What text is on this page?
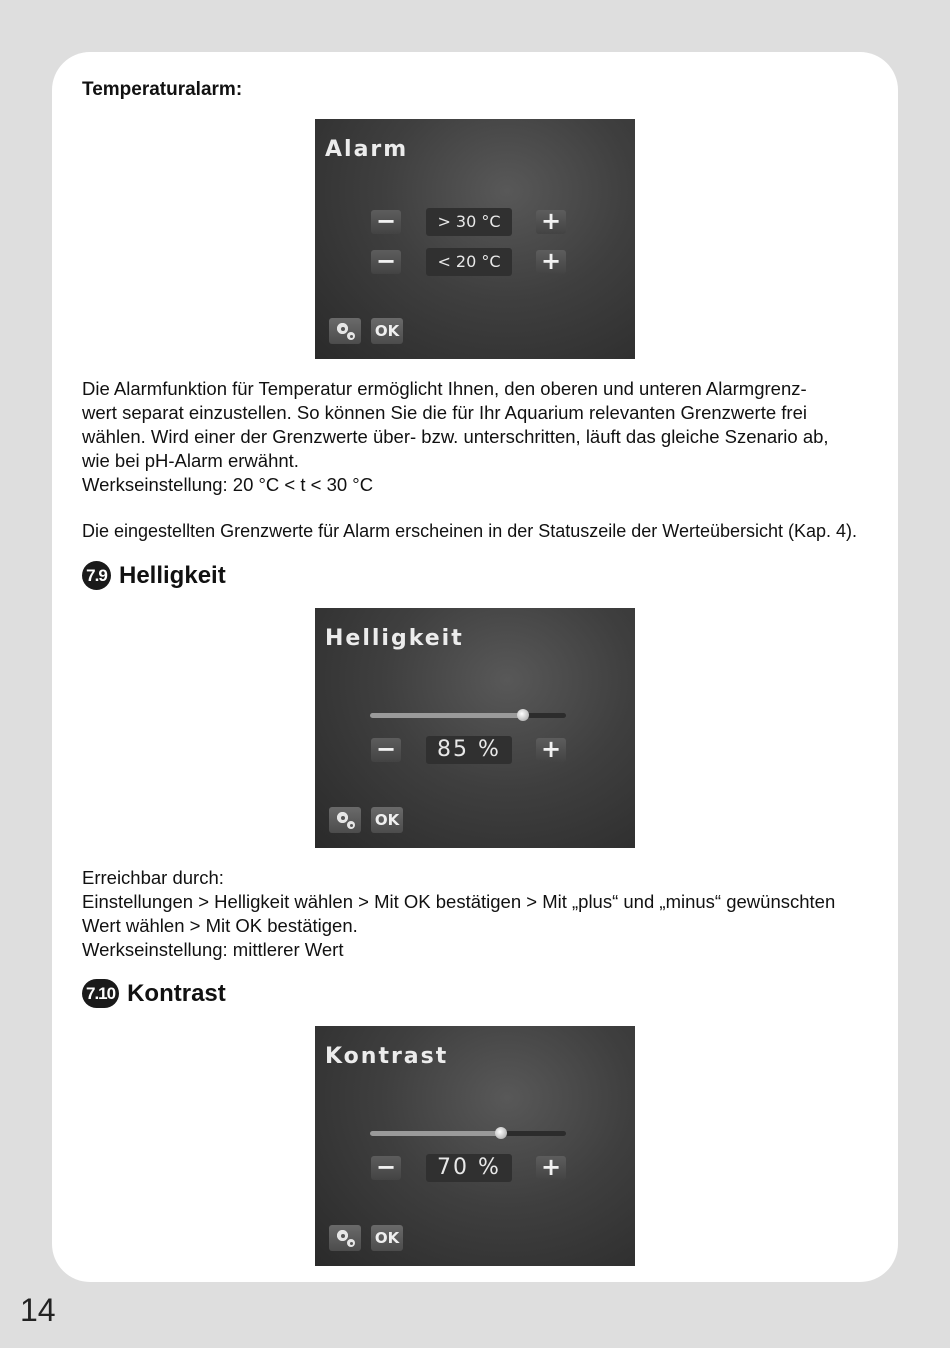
Temperaturalarm:
Alarm
−	> 30 °C	+
−	< 20 °C	+
OK
Die Alarmfunktion für Temperatur ermöglicht Ihnen, den oberen und unteren Alarmgrenz-
wert separat einzustellen. So können Sie die für Ihr Aquarium relevanten Grenzwerte frei
wählen. Wird einer der Grenzwerte über- bzw. unterschritten, läuft das gleiche Szenario ab,
wie bei pH-Alarm erwähnt.
Werkseinstellung: 20 °C < t < 30 °C
Die eingestellten Grenzwerte für Alarm erscheinen in der Statuszeile der Werteübersicht (Kap. 4).
7.9 Helligkeit
Helligkeit
−	85 %	+
OK
Erreichbar durch:
Einstellungen > Helligkeit wählen > Mit OK bestätigen > Mit „plus“ und „minus“ gewünschten
Wert wählen > Mit OK bestätigen.
Werkseinstellung: mittlerer Wert
7.10 Kontrast
Kontrast
−	70 %	+
OK
14
